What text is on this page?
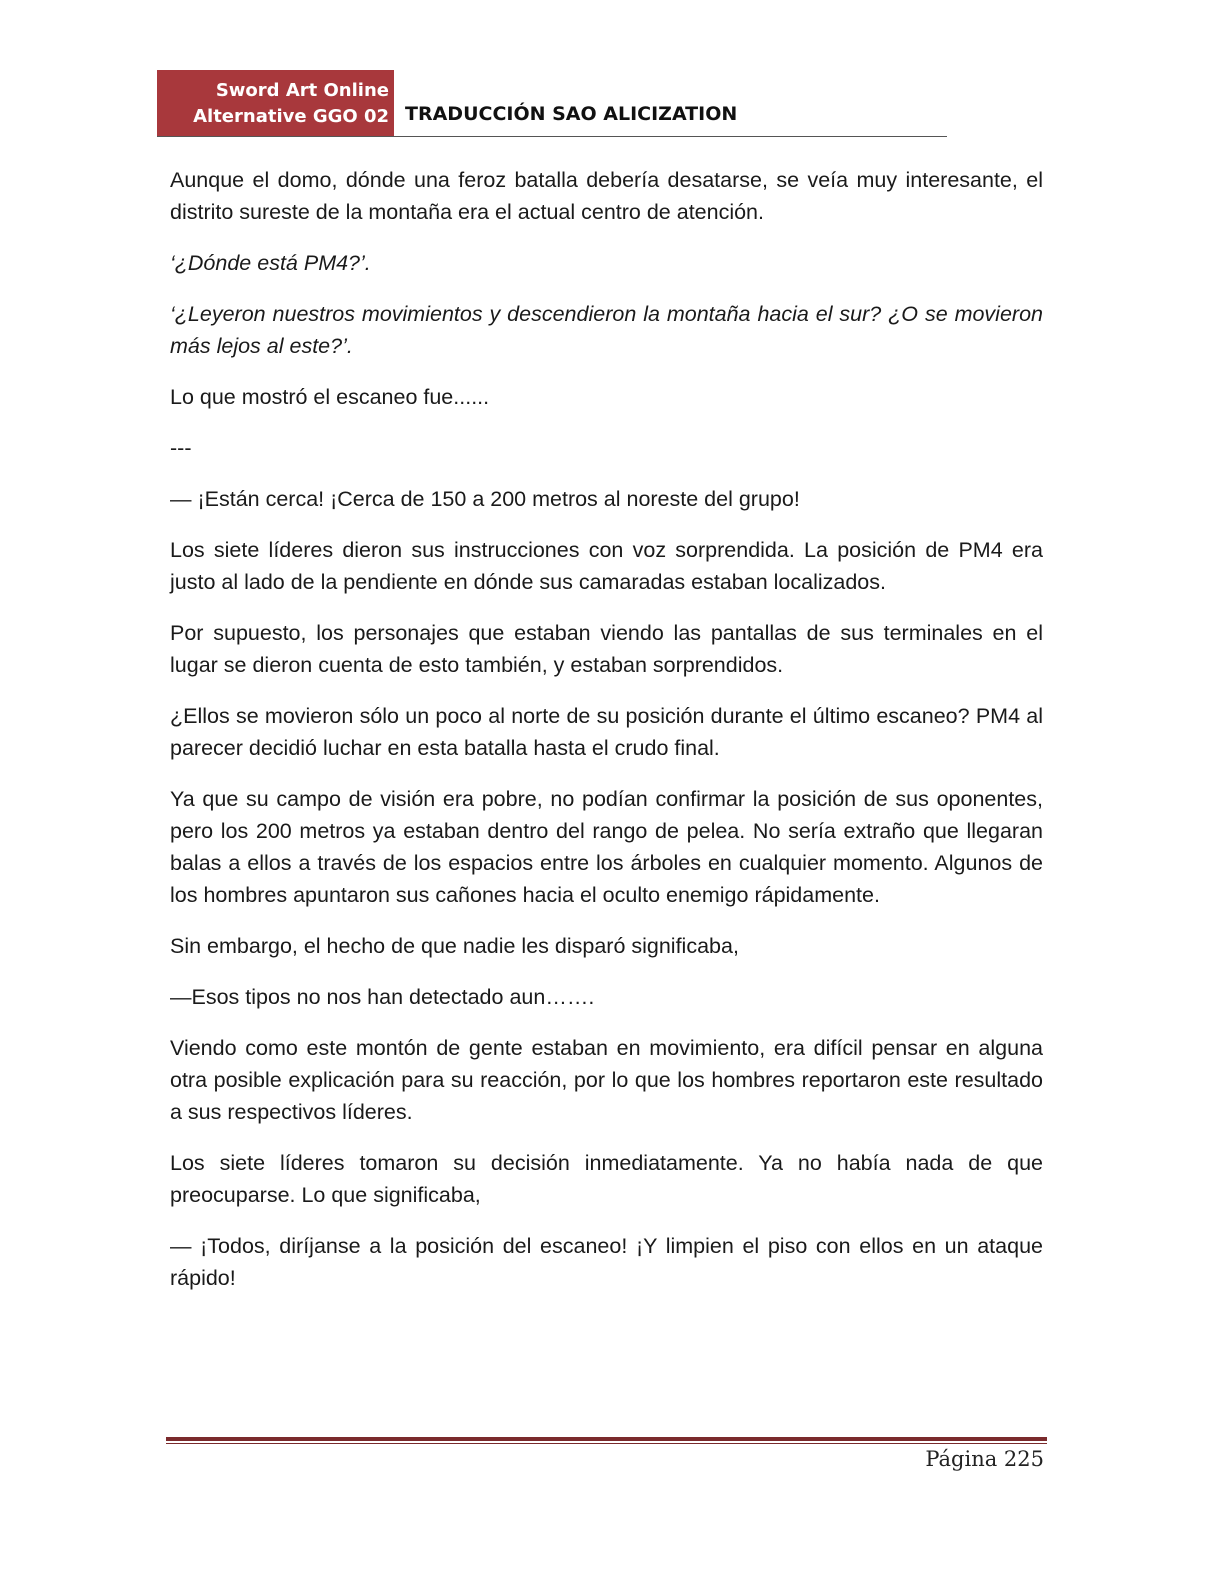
Sword Art Online
Alternative GGO 02 TRADUCCIÓN SAO ALICIZATION

Aunque el domo, dónde una feroz batalla debería desatarse, se veía muy interesante, el distrito sureste de la montaña era el actual centro de atención.

‘¿Dónde está PM4?’.

‘¿Leyeron nuestros movimientos y descendieron la montaña hacia el sur? ¿O se movieron más lejos al este?’.

Lo que mostró el escaneo fue......

---

— ¡Están cerca! ¡Cerca de 150 a 200 metros al noreste del grupo!

Los siete líderes dieron sus instrucciones con voz sorprendida. La posición de PM4 era justo al lado de la pendiente en dónde sus camaradas estaban localizados.

Por supuesto, los personajes que estaban viendo las pantallas de sus terminales en el lugar se dieron cuenta de esto también, y estaban sorprendidos.

¿Ellos se movieron sólo un poco al norte de su posición durante el último escaneo? PM4 al parecer decidió luchar en esta batalla hasta el crudo final.

Ya que su campo de visión era pobre, no podían confirmar la posición de sus oponentes, pero los 200 metros ya estaban dentro del rango de pelea. No sería extraño que llegaran balas a ellos a través de los espacios entre los árboles en cualquier momento. Algunos de los hombres apuntaron sus cañones hacia el oculto enemigo rápidamente.

Sin embargo, el hecho de que nadie les disparó significaba,

—Esos tipos no nos han detectado aun…….

Viendo como este montón de gente estaban en movimiento, era difícil pensar en alguna otra posible explicación para su reacción, por lo que los hombres reportaron este resultado a sus respectivos líderes.

Los siete líderes tomaron su decisión inmediatamente. Ya no había nada de que preocuparse. Lo que significaba,

— ¡Todos, diríjanse a la posición del escaneo! ¡Y limpien el piso con ellos en un ataque rápido!

Página 225
